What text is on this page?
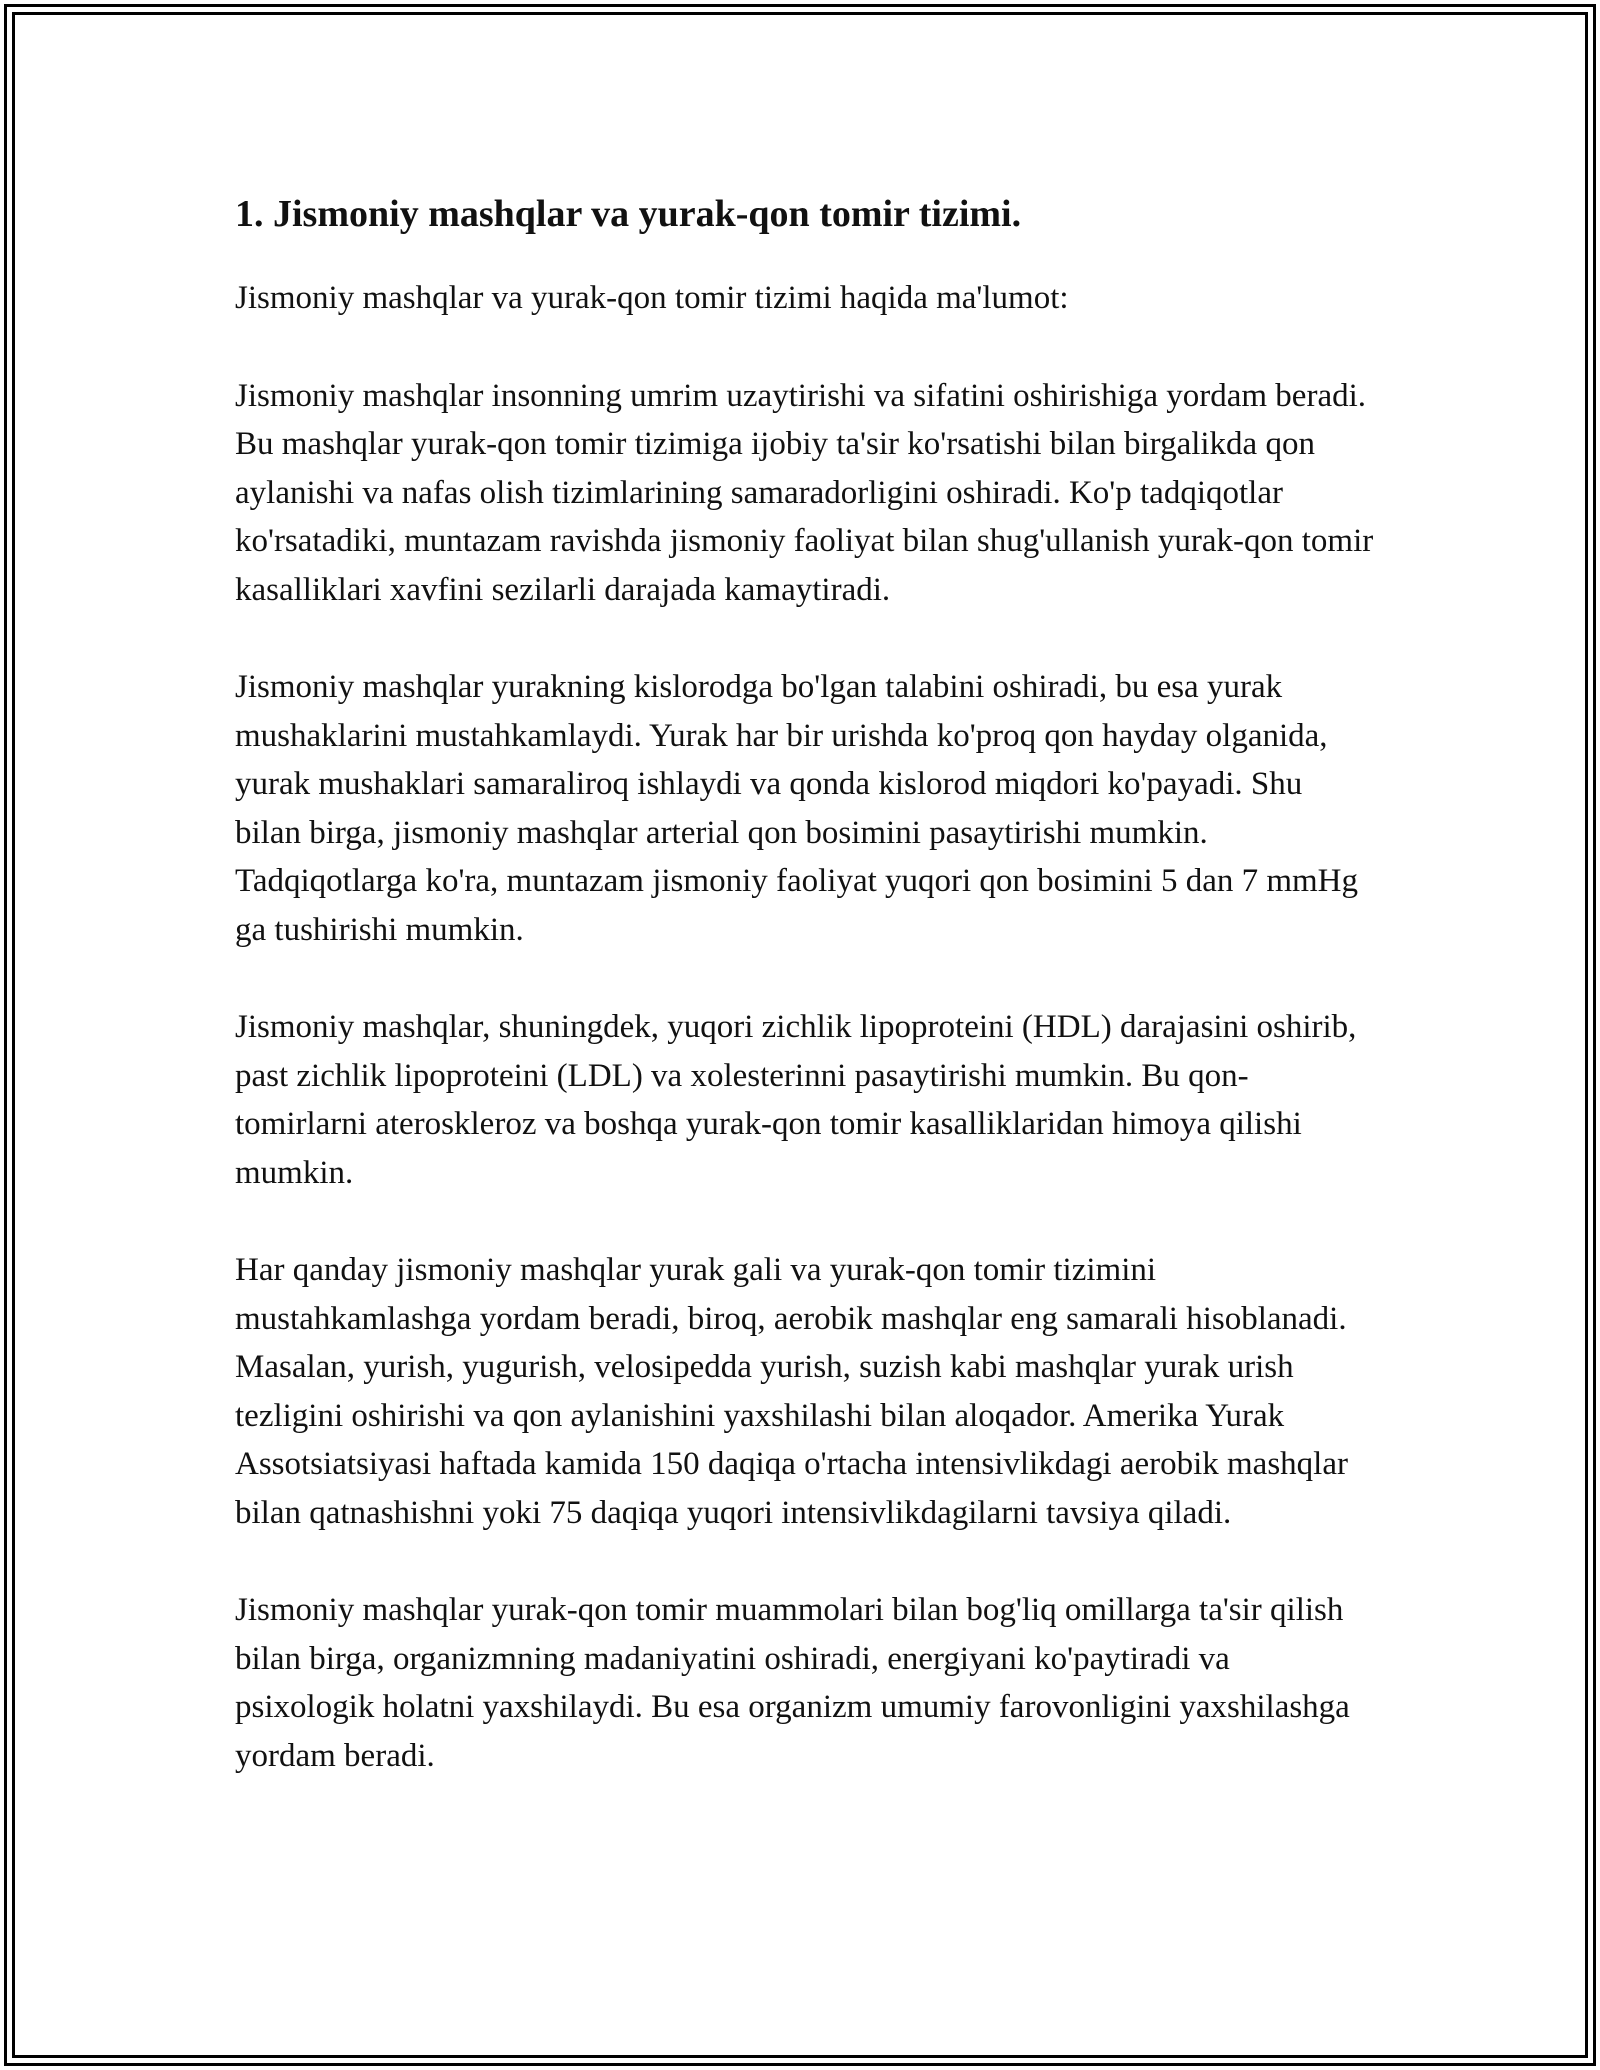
1. Jismoniy mashqlar va yurak-qon tomir tizimi.

Jismoniy mashqlar va yurak-qon tomir tizimi haqida ma'lumot:

Jismoniy mashqlar insonning umrim uzaytirishi va sifatini oshirishiga yordam beradi. Bu mashqlar yurak-qon tomir tizimiga ijobiy ta'sir ko'rsatishi bilan birgalikda qon aylanishi va nafas olish tizimlarining samaradorligini oshiradi. Ko'p tadqiqotlar ko'rsatadiki, muntazam ravishda jismoniy faoliyat bilan shug'ullanish yurak-qon tomir kasalliklari xavfini sezilarli darajada kamaytiradi.

Jismoniy mashqlar yurakning kislorodga bo'lgan talabini oshiradi, bu esa yurak mushaklarini mustahkamlaydi. Yurak har bir urishda ko'proq qon hayday olganida, yurak mushaklari samaraliroq ishlaydi va qonda kislorod miqdori ko'payadi. Shu bilan birga, jismoniy mashqlar arterial qon bosimini pasaytirishi mumkin. Tadqiqotlarga ko'ra, muntazam jismoniy faoliyat yuqori qon bosimini 5 dan 7 mmHg ga tushirishi mumkin.

Jismoniy mashqlar, shuningdek, yuqori zichlik lipoproteini (HDL) darajasini oshirib, past zichlik lipoproteini (LDL) va xolesterinni pasaytirishi mumkin. Bu qon-tomirlarni ateroskleroz va boshqa yurak-qon tomir kasalliklaridan himoya qilishi mumkin.

Har qanday jismoniy mashqlar yurak gali va yurak-qon tomir tizimini mustahkamlashga yordam beradi, biroq, aerobik mashqlar eng samarali hisoblanadi. Masalan, yurish, yugurish, velosipedda yurish, suzish kabi mashqlar yurak urish tezligini oshirishi va qon aylanishini yaxshilashi bilan aloqador. Amerika Yurak Assotsiatsiyasi haftada kamida 150 daqiqa o'rtacha intensivlikdagi aerobik mashqlar bilan qatnashishni yoki 75 daqiqa yuqori intensivlikdagilarni tavsiya qiladi.

Jismoniy mashqlar yurak-qon tomir muammolari bilan bog'liq omillarga ta'sir qilish bilan birga, organizmning madaniyatini oshiradi, energiyani ko'paytiradi va psixologik holatni yaxshilaydi. Bu esa organizm umumiy farovonligini yaxshilashga yordam beradi.
